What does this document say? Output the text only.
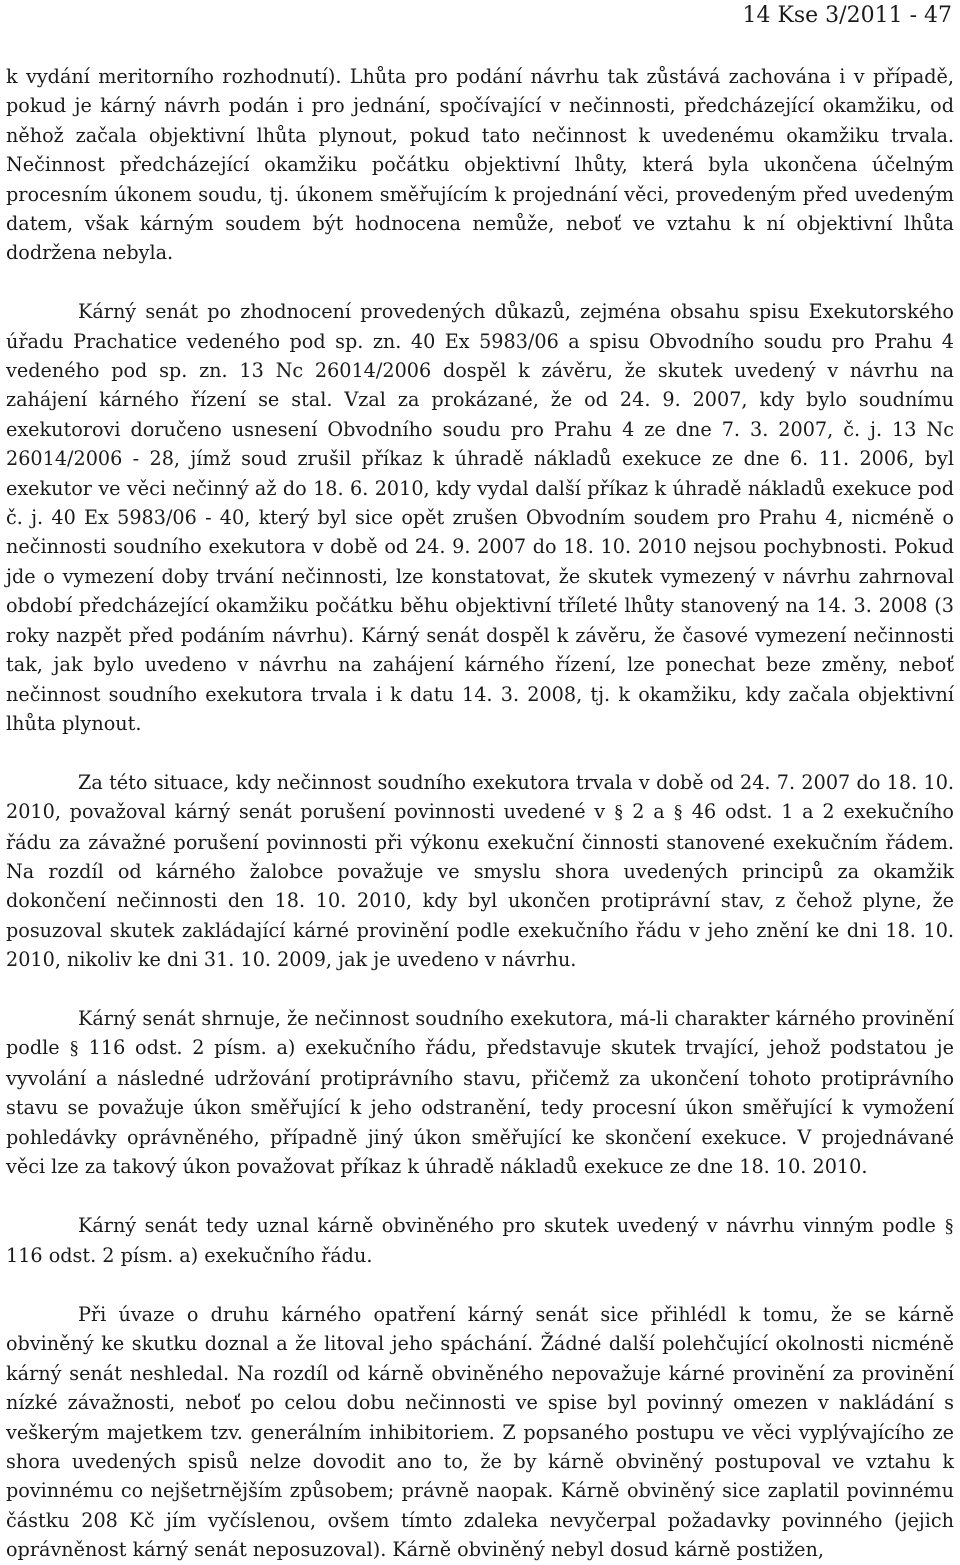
14 Kse 3/2011 - 47

k vydání meritorního rozhodnutí). Lhůta pro podání návrhu tak zůstává zachována i v případě, pokud je kárný návrh podán i pro jednání, spočívající v nečinnosti, předcházející okamžiku, od něhož začala objektivní lhůta plynout, pokud tato nečinnost k uvedenému okamžiku trvala. Nečinnost předcházející okamžiku počátku objektivní lhůty, která byla ukončena účelným procesním úkonem soudu, tj. úkonem směřujícím k projednání věci, provedeným před uvedeným datem, však kárným soudem být hodnocena nemůže, neboť ve vztahu k ní objektivní lhůta dodržena nebyla.

Kárný senát po zhodnocení provedených důkazů, zejména obsahu spisu Exekutorského úřadu Prachatice vedeného pod sp. zn. 40 Ex 5983/06 a spisu Obvodního soudu pro Prahu 4 vedeného pod sp. zn. 13 Nc 26014/2006 dospěl k závěru, že skutek uvedený v návrhu na zahájení kárného řízení se stal. Vzal za prokázané, že od 24. 9. 2007, kdy bylo soudnímu exekutorovi doručeno usnesení Obvodního soudu pro Prahu 4 ze dne 7. 3. 2007, č. j. 13 Nc 26014/2006 - 28, jímž soud zrušil příkaz k úhradě nákladů exekuce ze dne 6. 11. 2006, byl exekutor ve věci nečinný až do 18. 6. 2010, kdy vydal další příkaz k úhradě nákladů exekuce pod č. j. 40 Ex 5983/06 - 40, který byl sice opět zrušen Obvodním soudem pro Prahu 4, nicméně o nečinnosti soudního exekutora v době od 24. 9. 2007 do 18. 10. 2010 nejsou pochybnosti. Pokud jde o vymezení doby trvání nečinnosti, lze konstatovat, že skutek vymezený v návrhu zahrnoval období předcházející okamžiku počátku běhu objektivní tříleté lhůty stanovený na 14. 3. 2008 (3 roky nazpět před podáním návrhu). Kárný senát dospěl k závěru, že časové vymezení nečinnosti tak, jak bylo uvedeno v návrhu na zahájení kárného řízení, lze ponechat beze změny, neboť nečinnost soudního exekutora trvala i k datu 14. 3. 2008, tj. k okamžiku, kdy začala objektivní lhůta plynout.

Za této situace, kdy nečinnost soudního exekutora trvala v době od 24. 7. 2007 do 18. 10. 2010, považoval kárný senát porušení povinnosti uvedené v § 2 a § 46 odst. 1 a 2 exekučního řádu za závažné porušení povinnosti při výkonu exekuční činnosti stanovené exekučním řádem. Na rozdíl od kárného žalobce považuje ve smyslu shora uvedených principů za okamžik dokončení nečinnosti den 18. 10. 2010, kdy byl ukončen protiprávní stav, z čehož plyne, že posuzoval skutek zakládající kárné provinění podle exekučního řádu v jeho znění ke dni 18. 10. 2010, nikoliv ke dni 31. 10. 2009, jak je uvedeno v návrhu.

Kárný senát shrnuje, že nečinnost soudního exekutora, má-li charakter kárného provinění podle § 116 odst. 2 písm. a) exekučního řádu, představuje skutek trvající, jehož podstatou je vyvolání a následné udržování protiprávního stavu, přičemž za ukončení tohoto protiprávního stavu se považuje úkon směřující k jeho odstranění, tedy procesní úkon směřující k vymožení pohledávky oprávněného, případně jiný úkon směřující ke skončení exekuce. V projednávané věci lze za takový úkon považovat příkaz k úhradě nákladů exekuce ze dne 18. 10. 2010.

Kárný senát tedy uznal kárně obviněného pro skutek uvedený v návrhu vinným podle § 116 odst. 2 písm. a) exekučního řádu.

Při úvaze o druhu kárného opatření kárný senát sice přihlédl k tomu, že se kárně obviněný ke skutku doznal a že litoval jeho spáchání. Žádné další polehčující okolnosti nicméně kárný senát neshledal. Na rozdíl od kárně obviněného nepovažuje kárné provinění za provinění nízké závažnosti, neboť po celou dobu nečinnosti ve spise byl povinný omezen v nakládání s veškerým majetkem tzv. generálním inhibitoriem. Z popsaného postupu ve věci vyplývajícího ze shora uvedených spisů nelze dovodit ano to, že by kárně obviněný postupoval ve vztahu k povinnému co nejšetrnějším způsobem; právně naopak. Kárně obviněný sice zaplatil povinnému částku 208 Kč jím vyčíslenou, ovšem tímto zdaleka nevyčerpal požadavky povinného (jejich oprávněnost kárný senát neposuzoval). Kárně obviněný nebyl dosud kárně postižen,
